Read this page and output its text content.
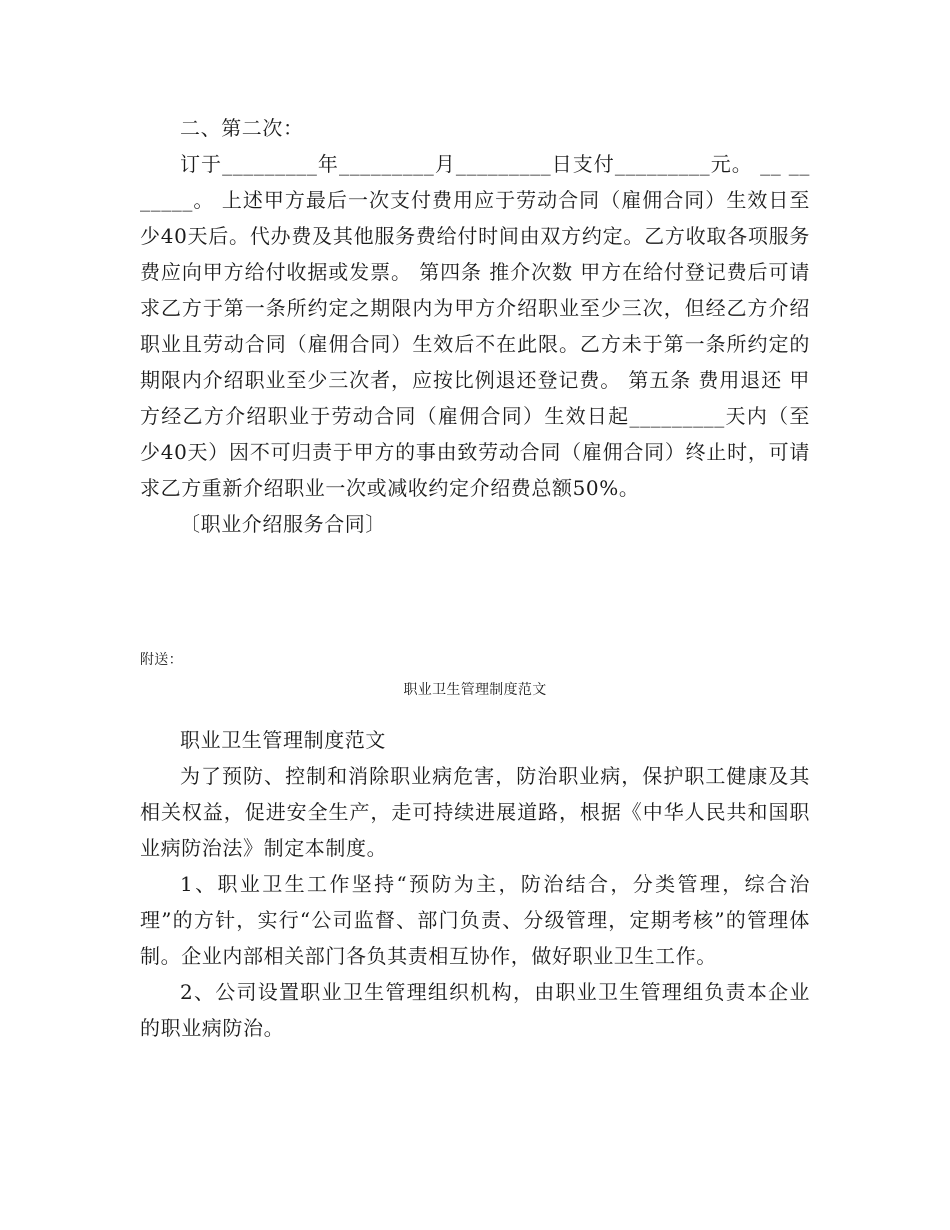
二、第二次：

订于_________年_________月_________日支付_________元。 __ _______。 上述甲方最后一次支付费用应于劳动合同（雇佣合同）生效日至少40天后。代办费及其他服务费给付时间由双方约定。乙方收取各项服务费应向甲方给付收据或发票。 第四条 推介次数 甲方在给付登记费后可请求乙方于第一条所约定之期限内为甲方介绍职业至少三次，但经乙方介绍职业且劳动合同（雇佣合同）生效后不在此限。乙方未于第一条所约定的期限内介绍职业至少三次者，应按比例退还登记费。 第五条 费用退还 甲方经乙方介绍职业于劳动合同（雇佣合同）生效日起_________天内（至少40天）因不可归责于甲方的事由致劳动合同（雇佣合同）终止时，可请求乙方重新介绍职业一次或减收约定介绍费总额50%。

〔职业介绍服务合同〕

附送：

职业卫生管理制度范文

职业卫生管理制度范文

为了预防、控制和消除职业病危害，防治职业病，保护职工健康及其相关权益，促进安全生产，走可持续进展道路，根据《中华人民共和国职业病防治法》制定本制度。

1、职业卫生工作坚持“预防为主，防治结合，分类管理，综合治理”的方针，实行“公司监督、部门负责、分级管理，定期考核”的管理体制。企业内部相关部门各负其责相互协作，做好职业卫生工作。

2、公司设置职业卫生管理组织机构，由职业卫生管理组负责本企业的职业病防治。
